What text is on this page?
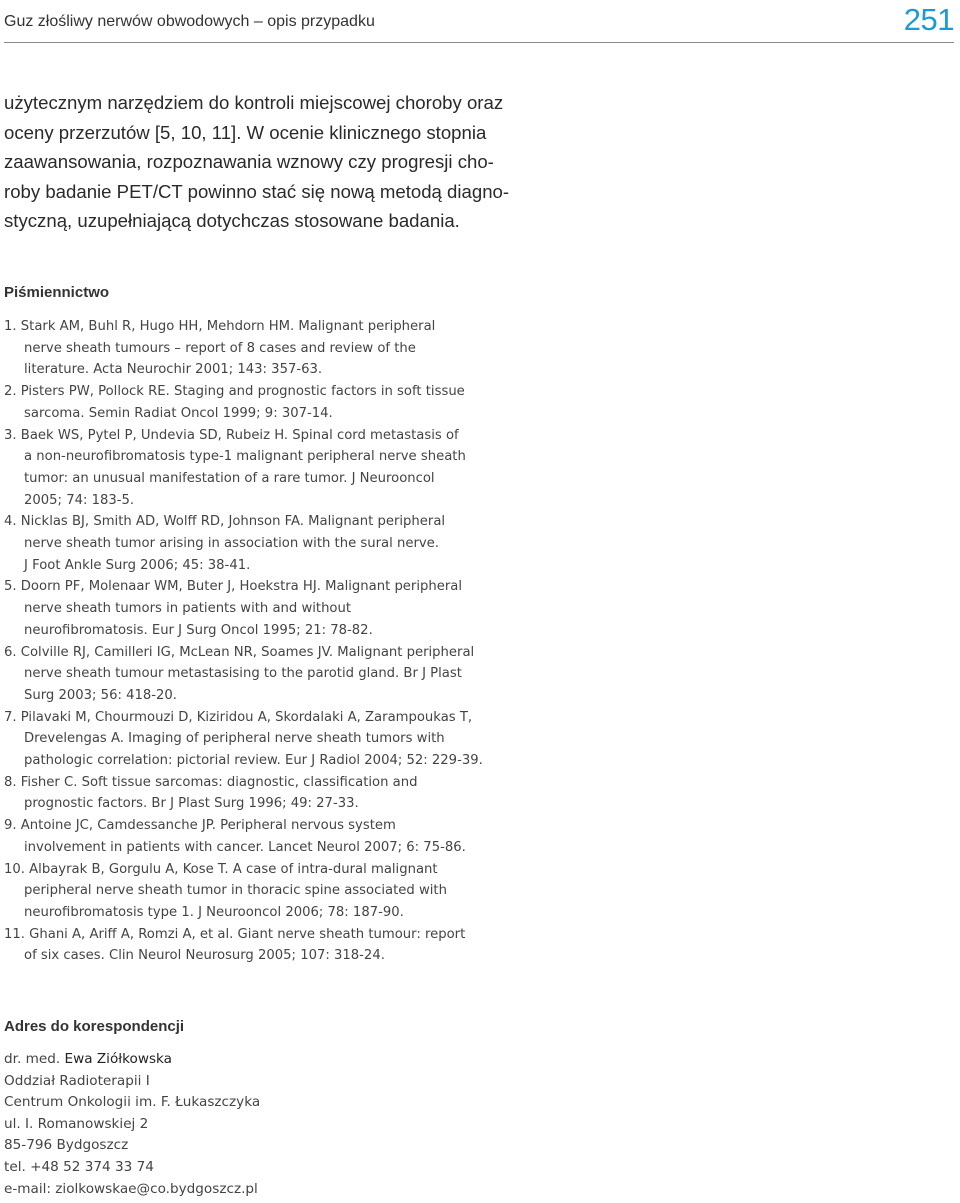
Guz złośliwy nerwów obwodowych – opis przypadku	251
użytecznym narzędziem do kontroli miejscowej choroby oraz
oceny przerzutów [5, 10, 11]. W ocenie klinicznego stopnia
zaawansowania, rozpoznawania wznowy czy progresji cho-
roby badanie PET/CT powinno stać się nową metodą diagno-
styczną, uzupełniającą dotychczas stosowane badania.
Piśmiennictwo
1. Stark AM, Buhl R, Hugo HH, Mehdorn HM. Malignant peripheral
nerve sheath tumours – report of 8 cases and review of the
literature. Acta Neurochir 2001; 143: 357-63.
2. Pisters PW, Pollock RE. Staging and prognostic factors in soft tissue
sarcoma. Semin Radiat Oncol 1999; 9: 307-14.
3. Baek WS, Pytel P, Undevia SD, Rubeiz H. Spinal cord metastasis of
a non-neurofibromatosis type-1 malignant peripheral nerve sheath
tumor: an unusual manifestation of a rare tumor. J Neurooncol
2005; 74: 183-5.
4. Nicklas BJ, Smith AD, Wolff RD, Johnson FA. Malignant peripheral
nerve sheath tumor arising in association with the sural nerve.
J Foot Ankle Surg 2006; 45: 38-41.
5. Doorn PF, Molenaar WM, Buter J, Hoekstra HJ. Malignant peripheral
nerve sheath tumors in patients with and without
neurofibromatosis. Eur J Surg Oncol 1995; 21: 78-82.
6. Colville RJ, Camilleri IG, McLean NR, Soames JV. Malignant peripheral
nerve sheath tumour metastasising to the parotid gland. Br J Plast
Surg 2003; 56: 418-20.
7. Pilavaki M, Chourmouzi D, Kiziridou A, Skordalaki A, Zarampoukas T,
Drevelengas A. Imaging of peripheral nerve sheath tumors with
pathologic correlation: pictorial review. Eur J Radiol 2004; 52: 229-39.
8. Fisher C. Soft tissue sarcomas: diagnostic, classification and
prognostic factors. Br J Plast Surg 1996; 49: 27-33.
9. Antoine JC, Camdessanche JP. Peripheral nervous system
involvement in patients with cancer. Lancet Neurol 2007; 6: 75-86.
10. Albayrak B, Gorgulu A, Kose T. A case of intra-dural malignant
peripheral nerve sheath tumor in thoracic spine associated with
neurofibromatosis type 1. J Neurooncol 2006; 78: 187-90.
11. Ghani A, Ariff A, Romzi A, et al. Giant nerve sheath tumour: report
of six cases. Clin Neurol Neurosurg 2005; 107: 318-24.
Adres do korespondencji
dr. med. Ewa Ziółkowska
Oddział Radioterapii I
Centrum Onkologii im. F. Łukaszczyka
ul. I. Romanowskiej 2
85-796 Bydgoszcz
tel. +48 52 374 33 74
e-mail: ziolkowskae@co.bydgoszcz.pl
